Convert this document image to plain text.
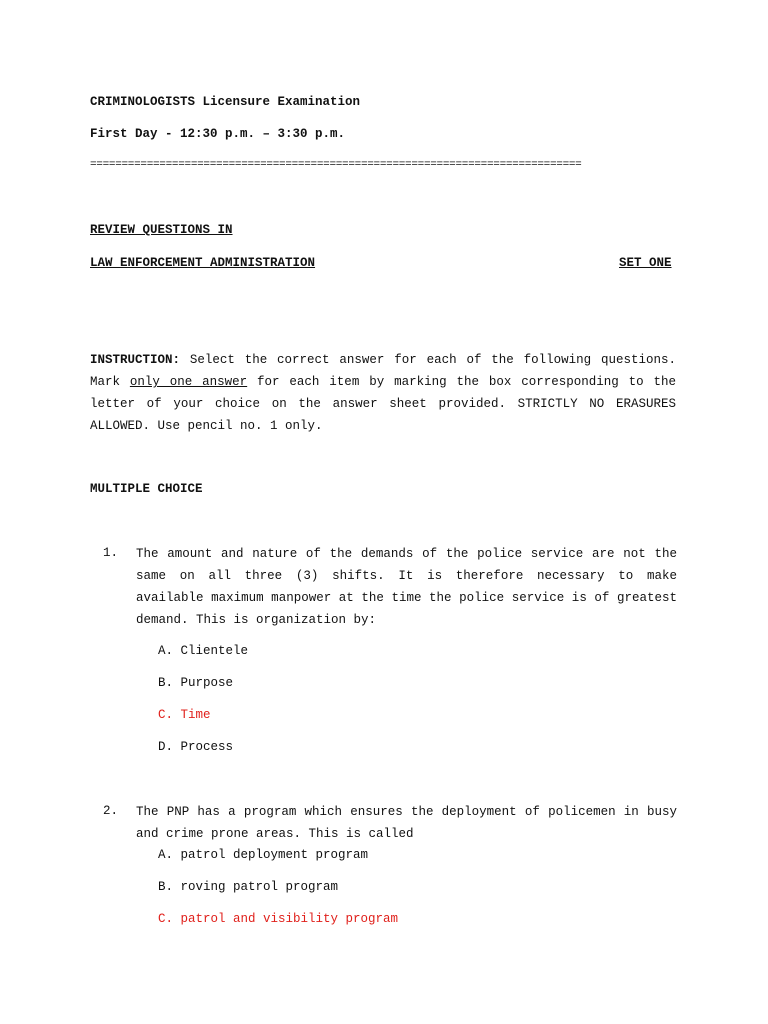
CRIMINOLOGISTS Licensure Examination
First Day - 12:30 p.m. – 3:30 p.m.
==============================================================================
REVIEW QUESTIONS IN
LAW ENFORCEMENT ADMINISTRATION	SET ONE
INSTRUCTION: Select the correct answer for each of the following questions. Mark only one answer for each item by marking the box corresponding to the letter of your choice on the answer sheet provided. STRICTLY NO ERASURES ALLOWED. Use pencil no. 1 only.
MULTIPLE CHOICE
1. The amount and nature of the demands of the police service are not the same on all three (3) shifts. It is therefore necessary to make available maximum manpower at the time the police service is of greatest demand. This is organization by:
A. Clientele
B. Purpose
C. Time
D. Process
2. The PNP has a program which ensures the deployment of policemen in busy and crime prone areas. This is called
A. patrol deployment program
B. roving patrol program
C. patrol and visibility program
